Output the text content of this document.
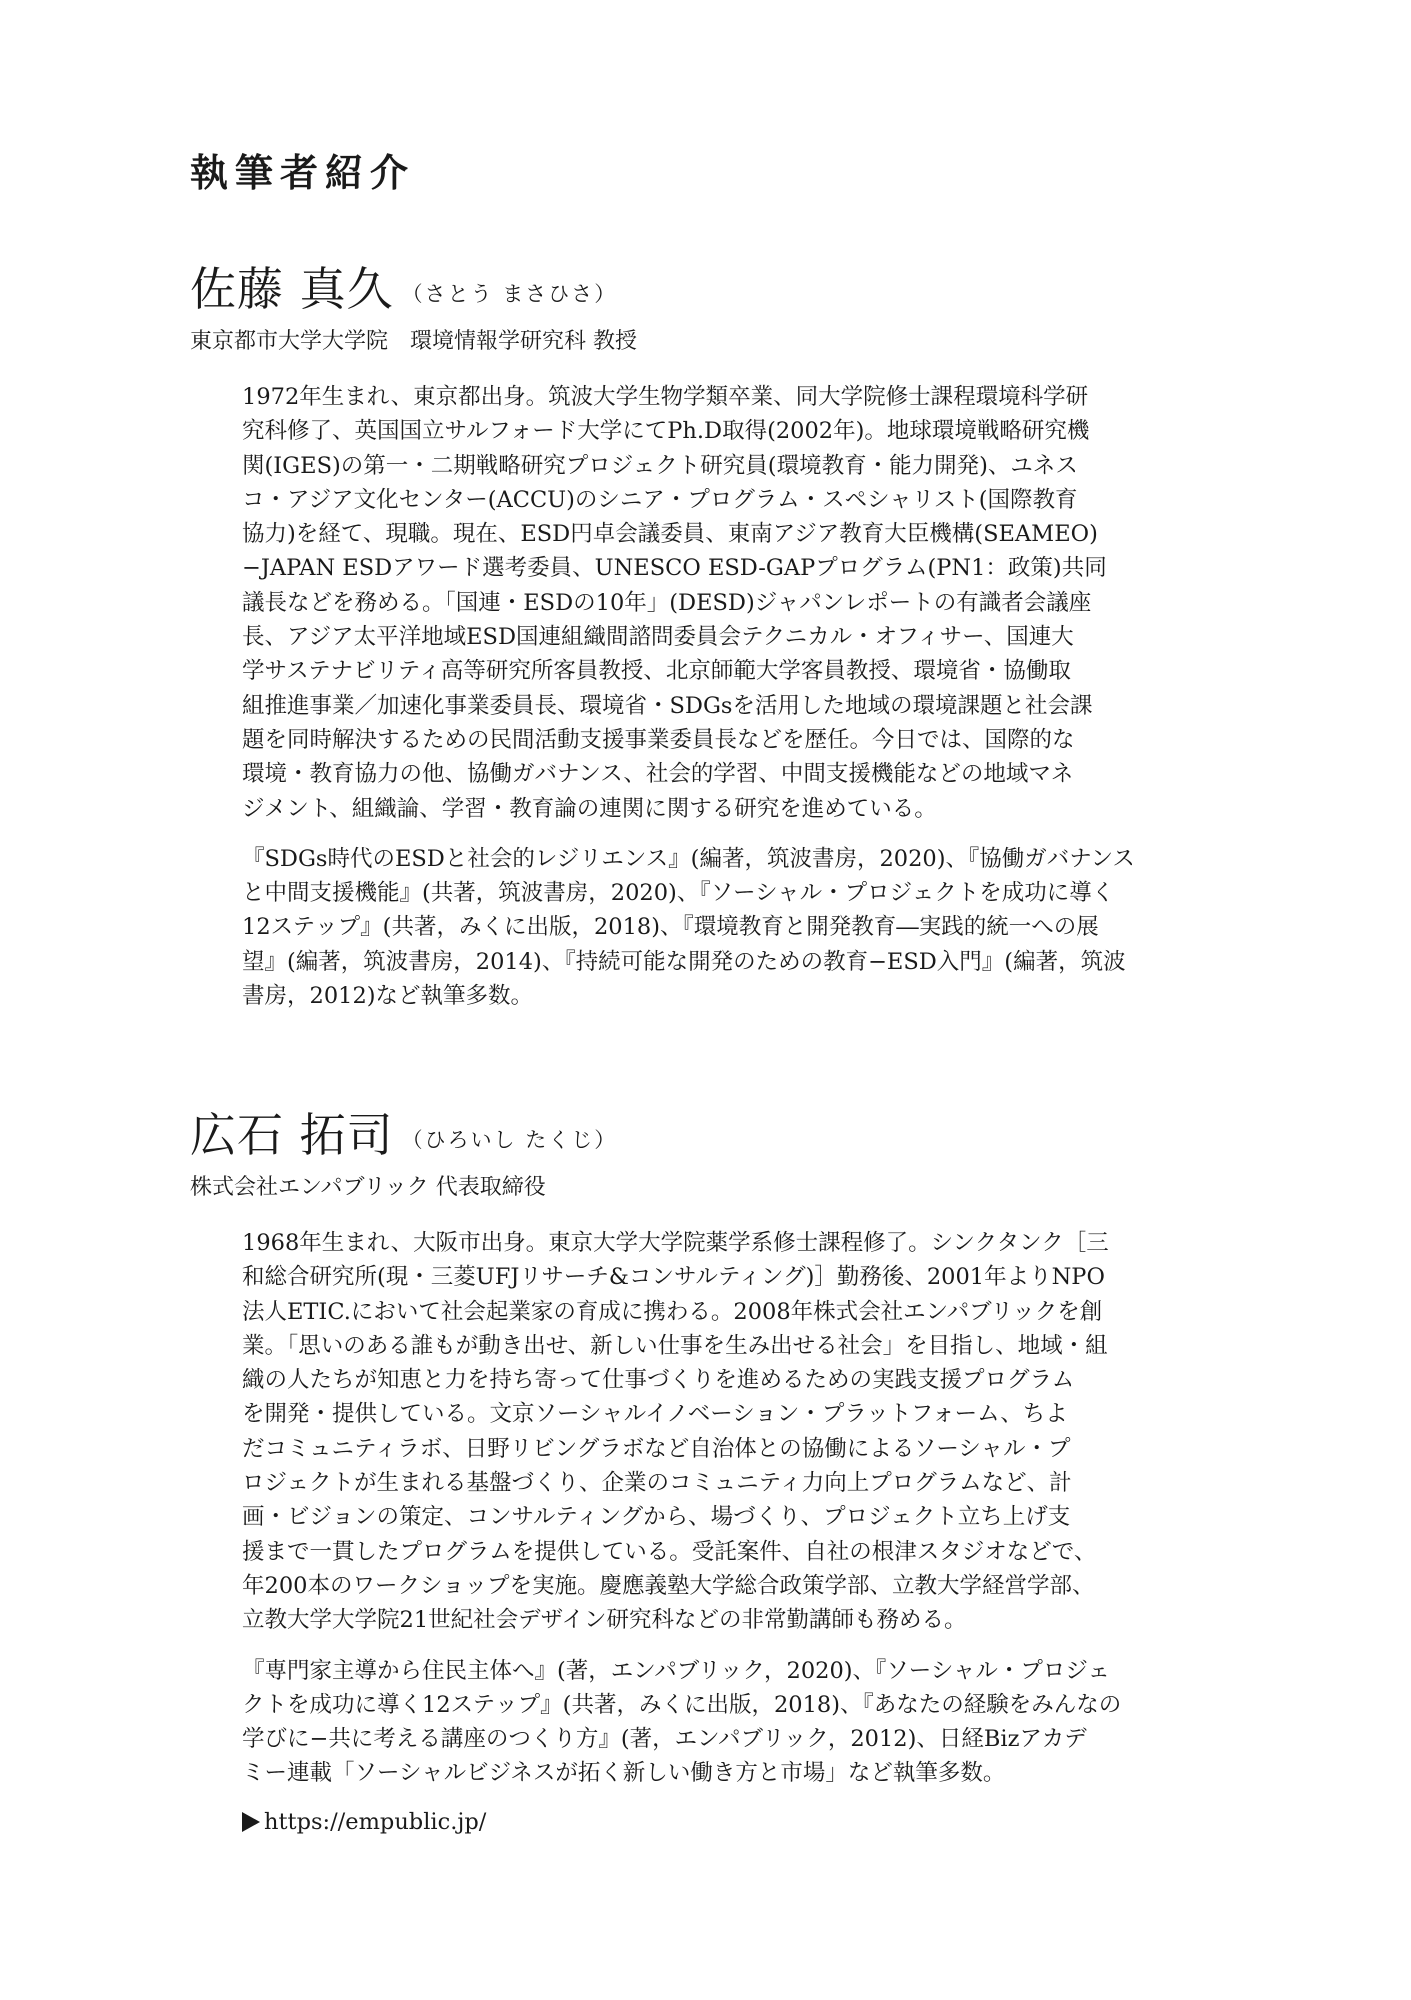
執筆者紹介
佐藤 真久 （さとう まさひさ）
東京都市大学大学院　環境情報学研究科 教授
1972年生まれ、東京都出身。筑波大学生物学類卒業、同大学院修士課程環境科学研
究科修了、英国国立サルフォード大学にてPh.D取得(2002年)。地球環境戦略研究機
関(IGES)の第一・二期戦略研究プロジェクト研究員(環境教育・能力開発)、ユネス
コ・アジア文化センター(ACCU)のシニア・プログラム・スペシャリスト(国際教育
協力)を経て、現職。現在、ESD円卓会議委員、東南アジア教育大臣機構(SEAMEO)
−JAPAN ESDアワード選考委員、UNESCO ESD-GAPプログラム(PN1：政策)共同
議長などを務める。「国連・ESDの10年」(DESD)ジャパンレポートの有識者会議座
長、アジア太平洋地域ESD国連組織間諮問委員会テクニカル・オフィサー、国連大
学サステナビリティ高等研究所客員教授、北京師範大学客員教授、環境省・協働取
組推進事業／加速化事業委員長、環境省・SDGsを活用した地域の環境課題と社会課
題を同時解決するための民間活動支援事業委員長などを歴任。今日では、国際的な
環境・教育協力の他、協働ガバナンス、社会的学習、中間支援機能などの地域マネ
ジメント、組織論、学習・教育論の連関に関する研究を進めている。
『SDGs時代のESDと社会的レジリエンス』(編著，筑波書房，2020)、『協働ガバナンス
と中間支援機能』(共著，筑波書房，2020)、『ソーシャル・プロジェクトを成功に導く
12ステップ』(共著，みくに出版，2018)、『環境教育と開発教育―実践的統一への展
望』(編著，筑波書房，2014)、『持続可能な開発のための教育−ESD入門』(編著，筑波
書房，2012)など執筆多数。
広石 拓司 （ひろいし たくじ）
株式会社エンパブリック 代表取締役
1968年生まれ、大阪市出身。東京大学大学院薬学系修士課程修了。シンクタンク［三
和総合研究所(現・三菱UFJリサーチ&コンサルティング)］勤務後、2001年よりNPO
法人ETIC.において社会起業家の育成に携わる。2008年株式会社エンパブリックを創
業。「思いのある誰もが動き出せ、新しい仕事を生み出せる社会」を目指し、地域・組
織の人たちが知恵と力を持ち寄って仕事づくりを進めるための実践支援プログラム
を開発・提供している。文京ソーシャルイノベーション・プラットフォーム、ちよ
だコミュニティラボ、日野リビングラボなど自治体との協働によるソーシャル・プ
ロジェクトが生まれる基盤づくり、企業のコミュニティ力向上プログラムなど、計
画・ビジョンの策定、コンサルティングから、場づくり、プロジェクト立ち上げ支
援まで一貫したプログラムを提供している。受託案件、自社の根津スタジオなどで、
年200本のワークショップを実施。慶應義塾大学総合政策学部、立教大学経営学部、
立教大学大学院21世紀社会デザイン研究科などの非常勤講師も務める。
『専門家主導から住民主体へ』(著，エンパブリック，2020)、『ソーシャル・プロジェ
クトを成功に導く12ステップ』(共著，みくに出版，2018)、『あなたの経験をみんなの
学びに−共に考える講座のつくり方』(著，エンパブリック，2012)、日経Bizアカデ
ミー連載「ソーシャルビジネスが拓く新しい働き方と市場」など執筆多数。
https://empublic.jp/
